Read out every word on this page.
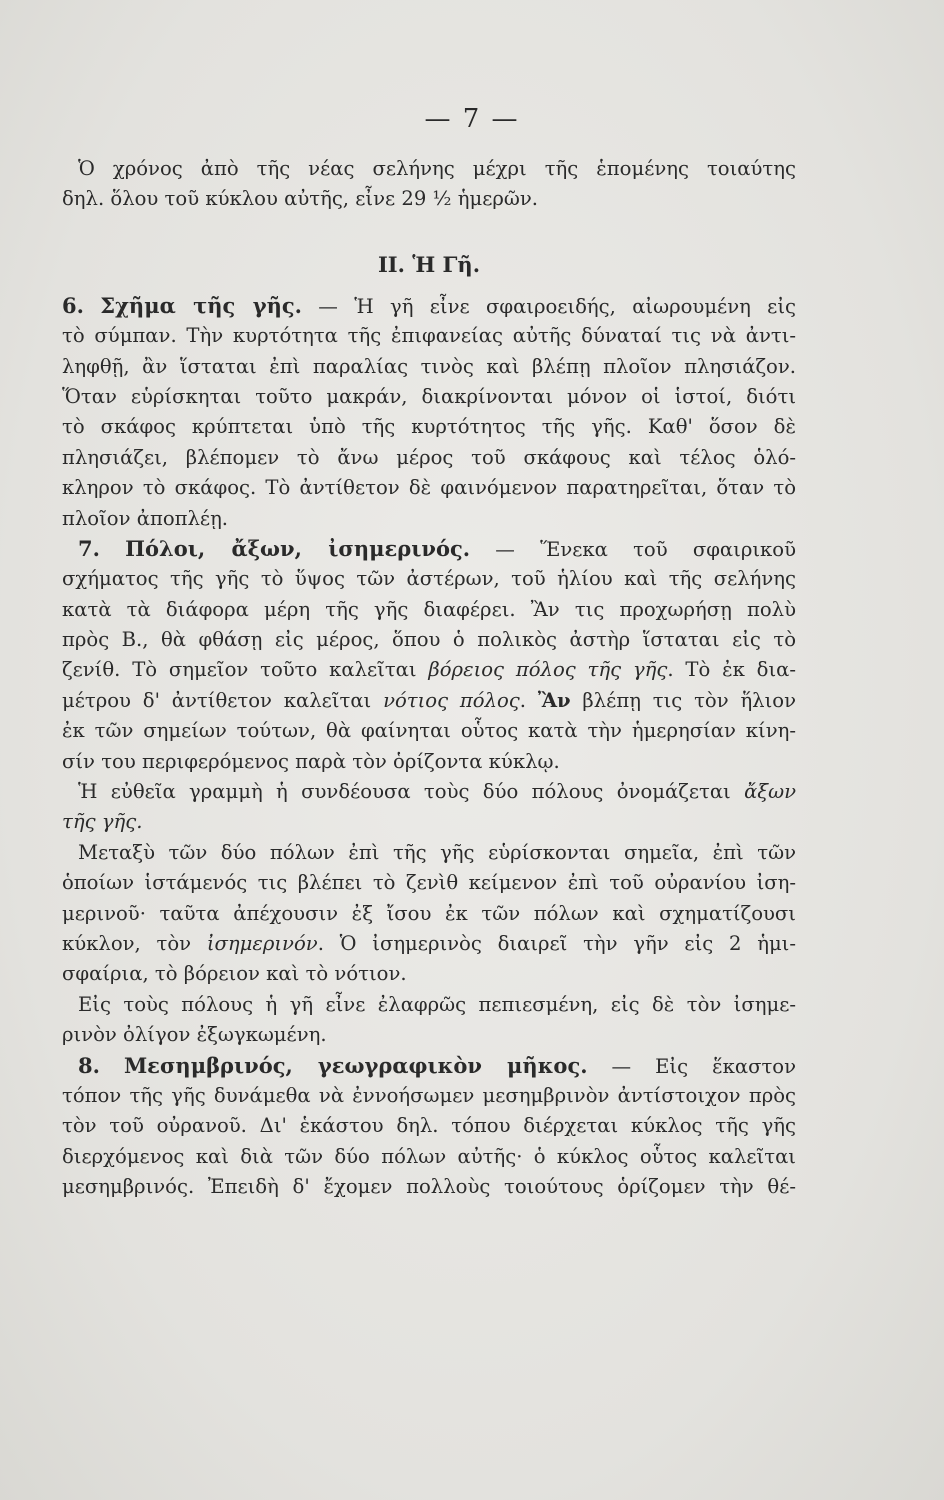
— 7 —
Ὁ χρόνος ἀπὸ τῆς νέας σελήνης μέχρι τῆς ἑπομένης τοιαύτης
δηλ. ὅλου τοῦ κύκλου αὐτῆς, εἶνε 29 ½ ἡμερῶν.
II. Ἡ Γῆ.
6. Σχῆμα τῆς γῆς. — Ἡ γῆ εἶνε σφαιροειδής, αἰωρουμένη εἰς
τὸ σύμπαν. Τὴν κυρτότητα τῆς ἐπιφανείας αὐτῆς δύναταί τις νὰ ἀντι-
ληφθῇ, ἂν ἵσταται ἐπὶ παραλίας τινὸς καὶ βλέπῃ πλοῖον πλησιάζον.
Ὅταν εὑρίσκηται τοῦτο μακράν, διακρίνονται μόνον οἱ ἱστοί, διότι
τὸ σκάφος κρύπτεται ὑπὸ τῆς κυρτότητος τῆς γῆς. Καθ' ὅσον δὲ
πλησιάζει, βλέπομεν τὸ ἄνω μέρος τοῦ σκάφους καὶ τέλος ὁλό-
κληρον τὸ σκάφος. Τὸ ἀντίθετον δὲ φαινόμενον παρατηρεῖται, ὅταν τὸ
πλοῖον ἀποπλέῃ.
7. Πόλοι, ἄξων, ἰσημερινός. — Ἕνεκα τοῦ σφαιρικοῦ
σχήματος τῆς γῆς τὸ ὕψος τῶν ἀστέρων, τοῦ ἡλίου καὶ τῆς σελήνης
κατὰ τὰ διάφορα μέρη τῆς γῆς διαφέρει. Ἂν τις προχωρήσῃ πολὺ
πρὸς Β., θὰ φθάσῃ εἰς μέρος, ὅπου ὁ πολικὸς ἀστὴρ ἵσταται εἰς τὸ
ζενίθ. Τὸ σημεῖον τοῦτο καλεῖται βόρειος πόλος τῆς γῆς. Τὸ ἐκ δια-
μέτρου δ' ἀντίθετον καλεῖται νότιος πόλος. Ἂν βλέπῃ τις τὸν ἥλιον
ἐκ τῶν σημείων τούτων, θὰ φαίνηται οὗτος κατὰ τὴν ἡμερησίαν κίνη-
σίν του περιφερόμενος παρὰ τὸν ὁρίζοντα κύκλῳ.
Ἡ εὐθεῖα γραμμὴ ἡ συνδέουσα τοὺς δύο πόλους ὀνομάζεται ἄξων
τῆς γῆς.
Μεταξὺ τῶν δύο πόλων ἐπὶ τῆς γῆς εὑρίσκονται σημεῖα, ἐπὶ τῶν
ὁποίων ἱστάμενός τις βλέπει τὸ ζενὶθ κείμενον ἐπὶ τοῦ οὐρανίου ἰση-
μερινοῦ· ταῦτα ἀπέχουσιν ἐξ ἴσου ἐκ τῶν πόλων καὶ σχηματίζουσι
κύκλον, τὸν ἰσημερινόν. Ὁ ἰσημερινὸς διαιρεῖ τὴν γῆν εἰς 2 ἡμι-
σφαίρια, τὸ βόρειον καὶ τὸ νότιον.
Εἰς τοὺς πόλους ἡ γῆ εἶνε ἐλαφρῶς πεπιεσμένη, εἰς δὲ τὸν ἰσημε-
ρινὸν ὀλίγον ἐξωγκωμένη.
8. Μεσημβρινός, γεωγραφικὸν μῆκος. — Εἰς ἕκαστον
τόπον τῆς γῆς δυνάμεθα νὰ ἐννοήσωμεν μεσημβρινὸν ἀντίστοιχον πρὸς
τὸν τοῦ οὐρανοῦ. Δι' ἑκάστου δηλ. τόπου διέρχεται κύκλος τῆς γῆς
διερχόμενος καὶ διὰ τῶν δύο πόλων αὐτῆς· ὁ κύκλος οὗτος καλεῖται
μεσημβρινός. Ἐπειδὴ δ' ἔχομεν πολλοὺς τοιούτους ὁρίζομεν τὴν θέ-
